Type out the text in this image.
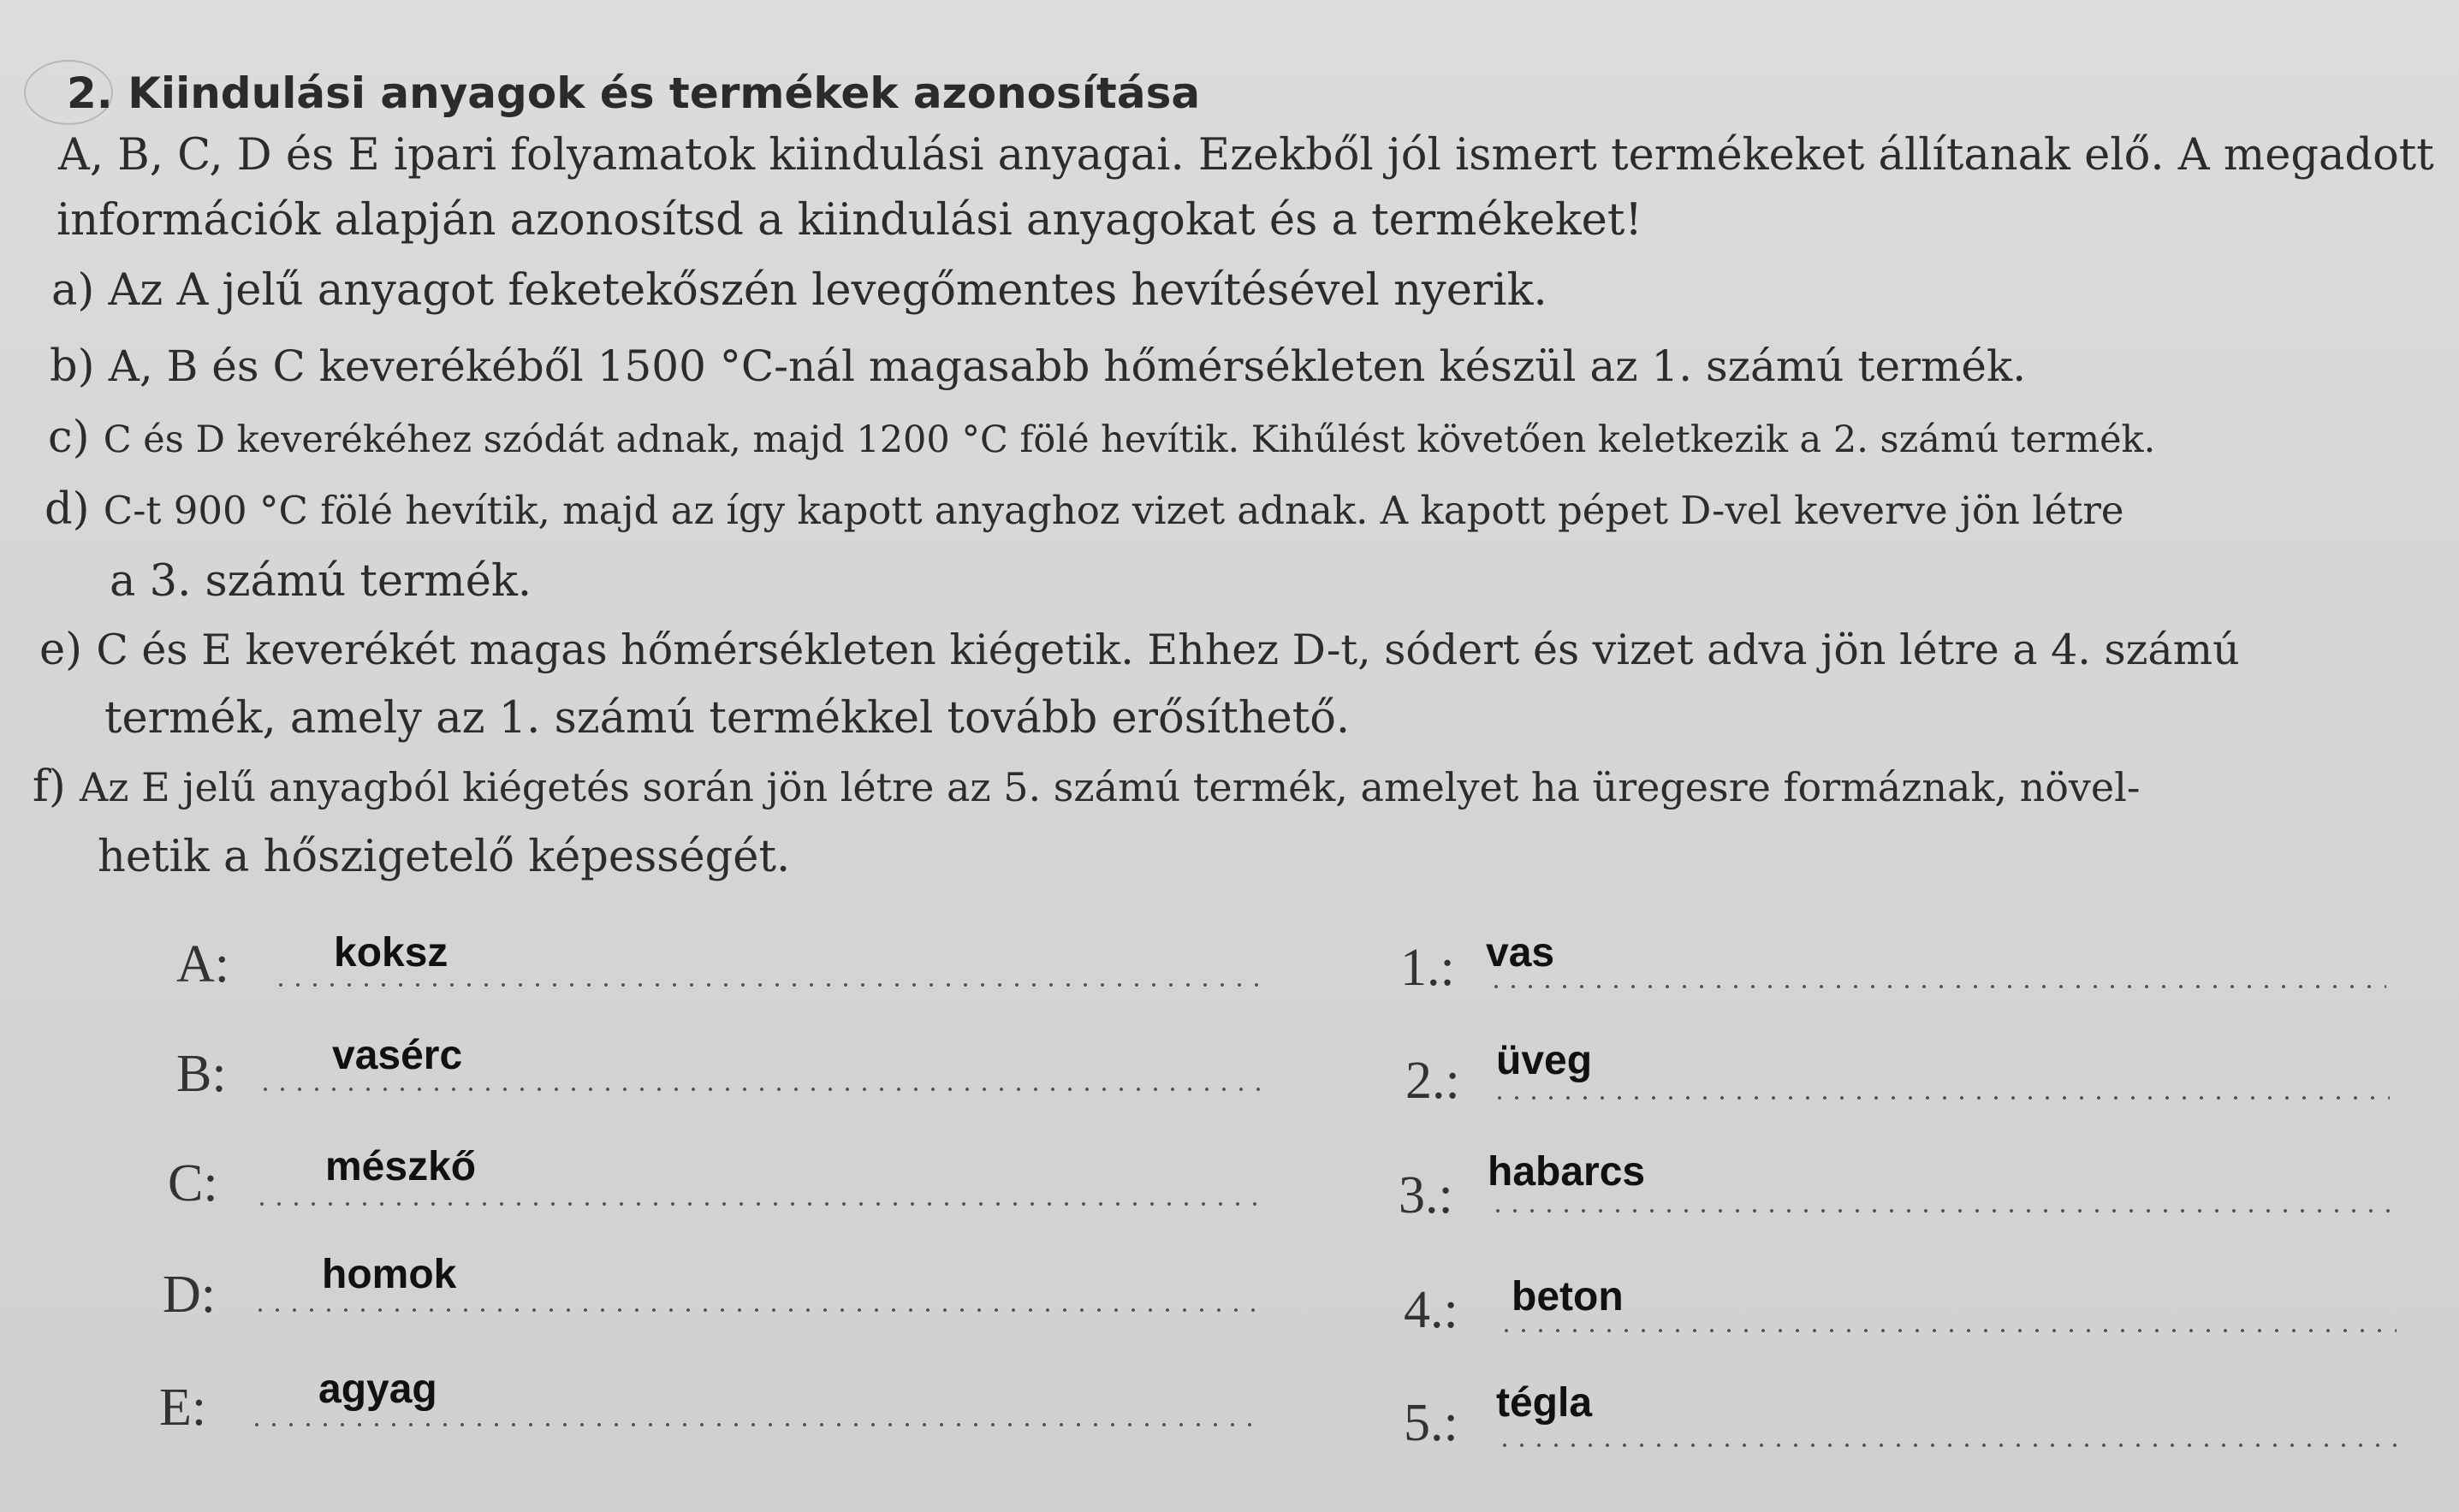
2. Kiindulási anyagok és termékek azonosítása
A, B, C, D és E ipari folyamatok kiindulási anyagai. Ezekből jól ismert termékeket állítanak elő. A megadott
információk alapján azonosítsd a kiindulási anyagokat és a termékeket!
a) Az A jelű anyagot feketekőszén levegőmentes hevítésével nyerik.
b) A, B és C keverékéből 1500 °C-nál magasabb hőmérsékleten készül az 1. számú termék.
c) C és D keverékéhez szódát adnak, majd 1200 °C fölé hevítik. Kihűlést követően keletkezik a 2. számú termék.
d) C-t 900 °C fölé hevítik, majd az így kapott anyaghoz vizet adnak. A kapott pépet D-vel keverve jön létre
a 3. számú termék.
e) C és E keverékét magas hőmérsékleten kiégetik. Ehhez D-t, sódert és vizet adva jön létre a 4. számú
termék, amely az 1. számú termékkel tovább erősíthető.
f) Az E jelű anyagból kiégetés során jön létre az 5. számú termék, amelyet ha üregesre formáznak, növel-
hetik a hőszigetelő képességét.
A:	koksz
B:	vasérc
C:	mészkő
D:	homok
E:	agyag
1.: vas
2.: üveg
3.: habarcs
4.: beton
5.: tégla
